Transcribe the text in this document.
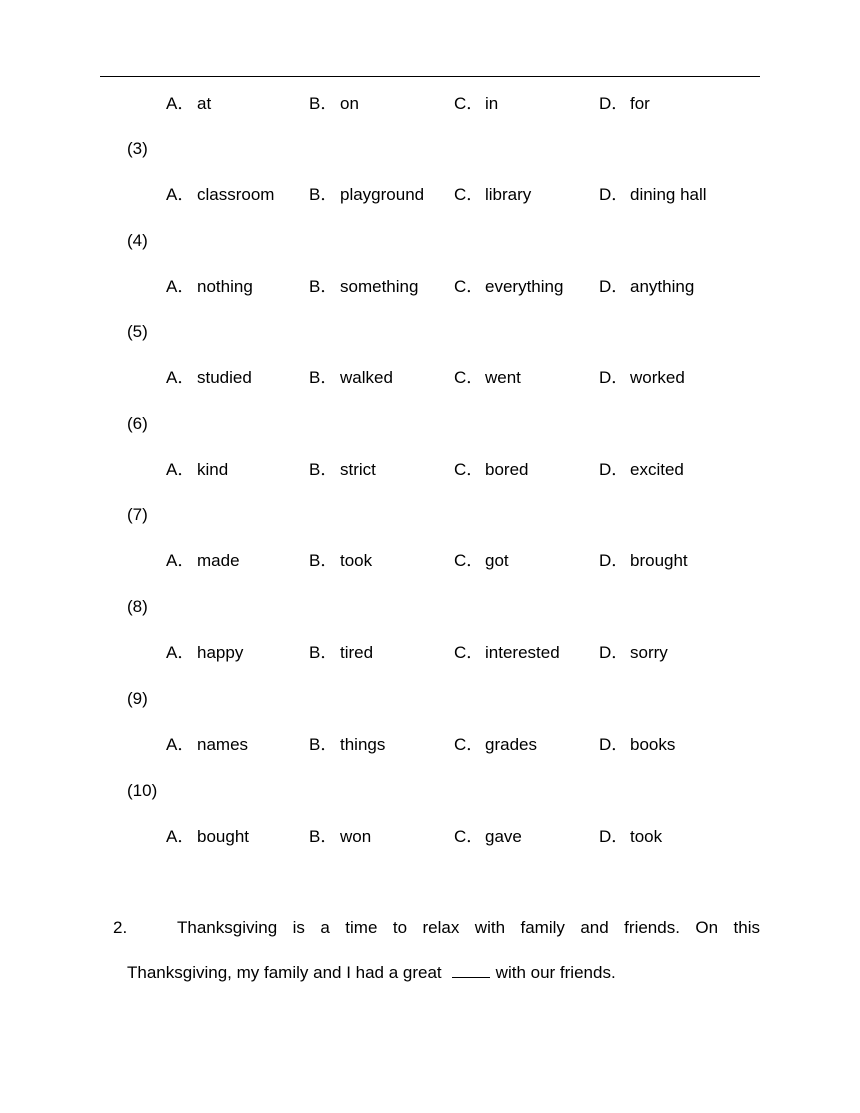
A． at	B． on	C． in	D． for
(3)
A． classroom B． playground C． library	D． dining hall
(4)
A． nothing	B． something C． everything D． anything
(5)
A． studied	B． walked	C． went	D． worked
(6)
A． kind	B． strict	C． bored	D． excited
(7)
A． made	B． took	C． got	D． brought
(8)
A． happy	B． tired	C． interested D． sorry
(9)
A． names	B． things	C． grades	D． books
(10)
A． bought	B． won	C． gave	D． took
2.	Thanksgiving is a time to relax with family and friends. On this
Thanksgiving, my family and I had a great	with our friends.
